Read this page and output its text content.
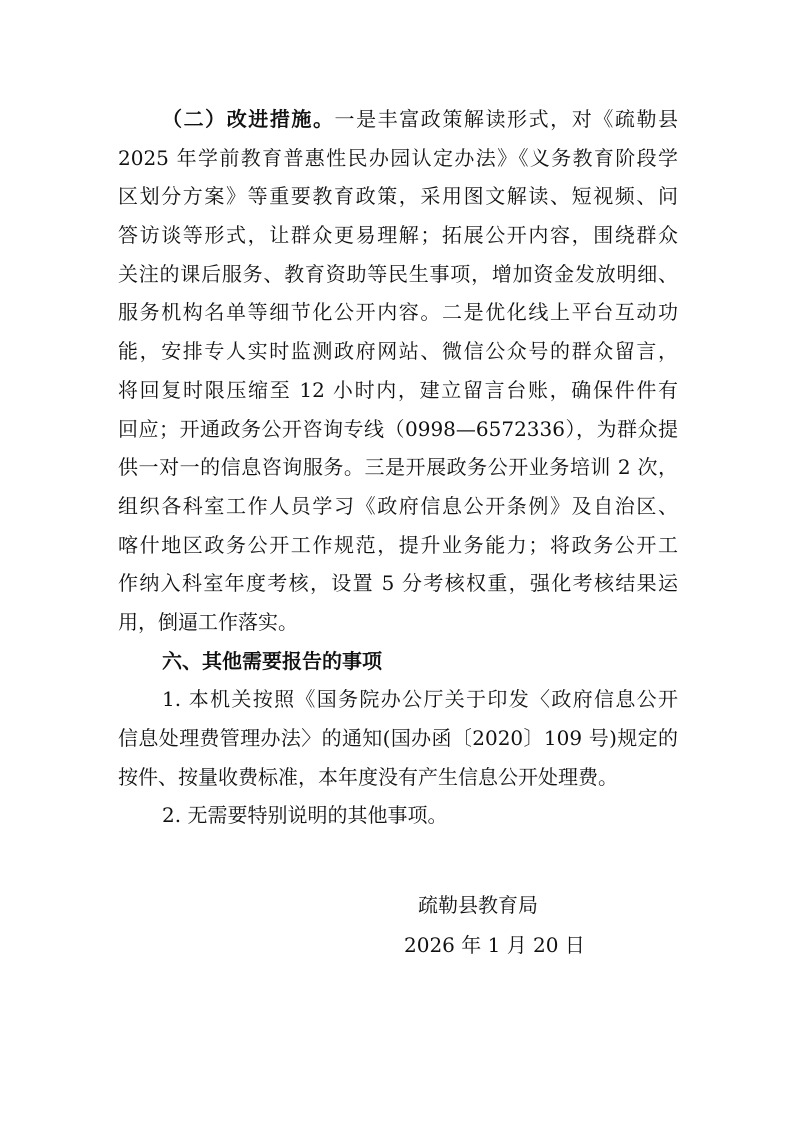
（二）改进措施。一是丰富政策解读形式，对《疏勒县
2025 年学前教育普惠性民办园认定办法》《义务教育阶段学
区划分方案》等重要教育政策，采用图文解读、短视频、问
答访谈等形式，让群众更易理解；拓展公开内容，围绕群众
关注的课后服务、教育资助等民生事项，增加资金发放明细、
服务机构名单等细节化公开内容。二是优化线上平台互动功
能，安排专人实时监测政府网站、微信公众号的群众留言，
将回复时限压缩至 12 小时内，建立留言台账，确保件件有
回应；开通政务公开咨询专线（0998—6572336），为群众提
供一对一的信息咨询服务。三是开展政务公开业务培训 2 次，
组织各科室工作人员学习《政府信息公开条例》及自治区、
喀什地区政务公开工作规范，提升业务能力；将政务公开工
作纳入科室年度考核，设置 5 分考核权重，强化考核结果运
用，倒逼工作落实。
六、其他需要报告的事项
1. 本机关按照《国务院办公厅关于印发〈政府信息公开
信息处理费管理办法〉的通知(国办函〔2020〕109 号)规定的
按件、按量收费标准，本年度没有产生信息公开处理费。
2. 无需要特别说明的其他事项。
疏勒县教育局
2026 年 1 月 20 日
